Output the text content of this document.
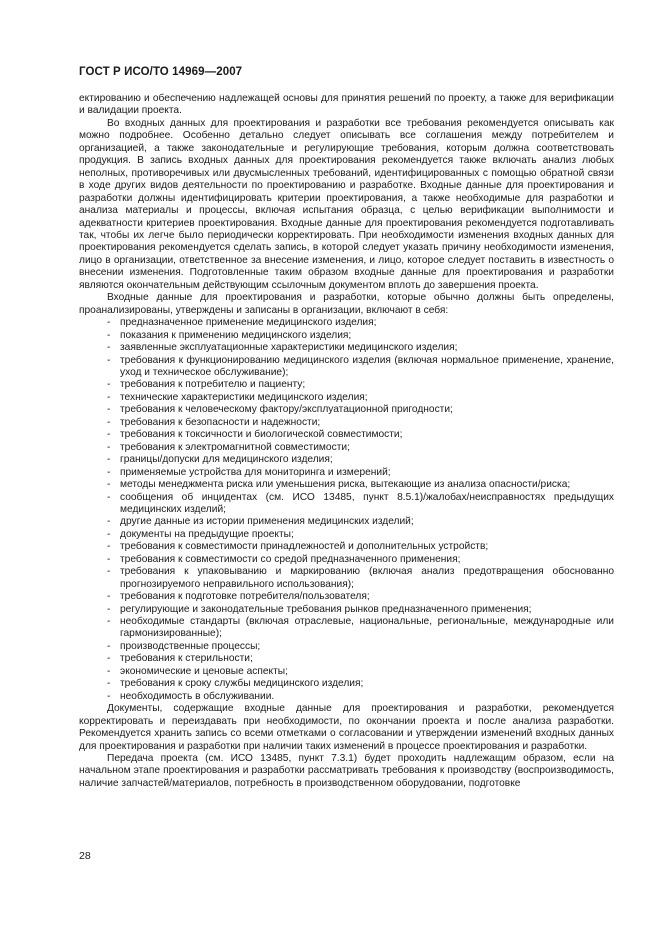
ГОСТ Р ИСО/ТО 14969—2007

ектированию и обеспечению надлежащей основы для принятия решений по проекту, а также для верификации и валидации проекта.

Во входных данных для проектирования и разработки все требования рекомендуется описывать как можно подробнее. Особенно детально следует описывать все соглашения между потребителем и организацией, а также законодательные и регулирующие требования, которым должна соответствовать продукция. В запись входных данных для проектирования рекомендуется также включать анализ любых неполных, противоречивых или двусмысленных требований, идентифицированных с помощью обратной связи в ходе других видов деятельности по проектированию и разработке. Входные данные для проектирования и разработки должны идентифицировать критерии проектирования, а также необходимые для разработки и анализа материалы и процессы, включая испытания образца, с целью верификации выполнимости и адекватности критериев проектирования. Входные данные для проектирования рекомендуется подготавливать так, чтобы их легче было периодически корректировать. При необходимости изменения входных данных для проектирования рекомендуется сделать запись, в которой следует указать причину необходимости изменения, лицо в организации, ответственное за внесение изменения, и лицо, которое следует поставить в известность о внесении изменения. Подготовленные таким образом входные данные для проектирования и разработки являются окончательным действующим ссылочным документом вплоть до завершения проекта.

Входные данные для проектирования и разработки, которые обычно должны быть определены, проанализированы, утверждены и записаны в организации, включают в себя:

- предназначенное применение медицинского изделия;

- показания к применению медицинского изделия;

- заявленные эксплуатационные характеристики медицинского изделия;

- требования к функционированию медицинского изделия (включая нормальное применение, хранение, уход и техническое обслуживание);

- требования к потребителю и пациенту;

- технические характеристики медицинского изделия;

- требования к человеческому фактору/эксплуатационной пригодности;

- требования к безопасности и надежности;

- требования к токсичности и биологической совместимости;

- требования к электромагнитной совместимости;

- границы/допуски для медицинского изделия;

- применяемые устройства для мониторинга и измерений;

- методы менеджмента риска или уменьшения риска, вытекающие из анализа опасности/риска;

- сообщения об инцидентах (см. ИСО 13485, пункт 8.5.1)/жалобах/неисправностях предыдущих медицинских изделий;

- другие данные из истории применения медицинских изделий;

- документы на предыдущие проекты;

- требования к совместимости принадлежностей и дополнительных устройств;

- требования к совместимости со средой предназначенного применения;

- требования к упаковыванию и маркированию (включая анализ предотвращения обоснованно прогнозируемого неправильного использования);

- требования к подготовке потребителя/пользователя;

- регулирующие и законодательные требования рынков предназначенного применения;

- необходимые стандарты (включая отраслевые, национальные, региональные, международные или гармонизированные);

- производственные процессы;

- требования к стерильности;

- экономические и ценовые аспекты;

- требования к сроку службы медицинского изделия;

- необходимость в обслуживании.

Документы, содержащие входные данные для проектирования и разработки, рекомендуется корректировать и переиздавать при необходимости, по окончании проекта и после анализа разработки. Рекомендуется хранить запись со всеми отметками о согласовании и утверждении изменений входных данных для проектирования и разработки при наличии таких изменений в процессе проектирования и разработки.

Передача проекта (см. ИСО 13485, пункт 7.3.1) будет проходить надлежащим образом, если на начальном этапе проектирования и разработки рассматривать требования к производству (воспроизводимость, наличие запчастей/материалов, потребность в производственном оборудовании, подготовке

28
